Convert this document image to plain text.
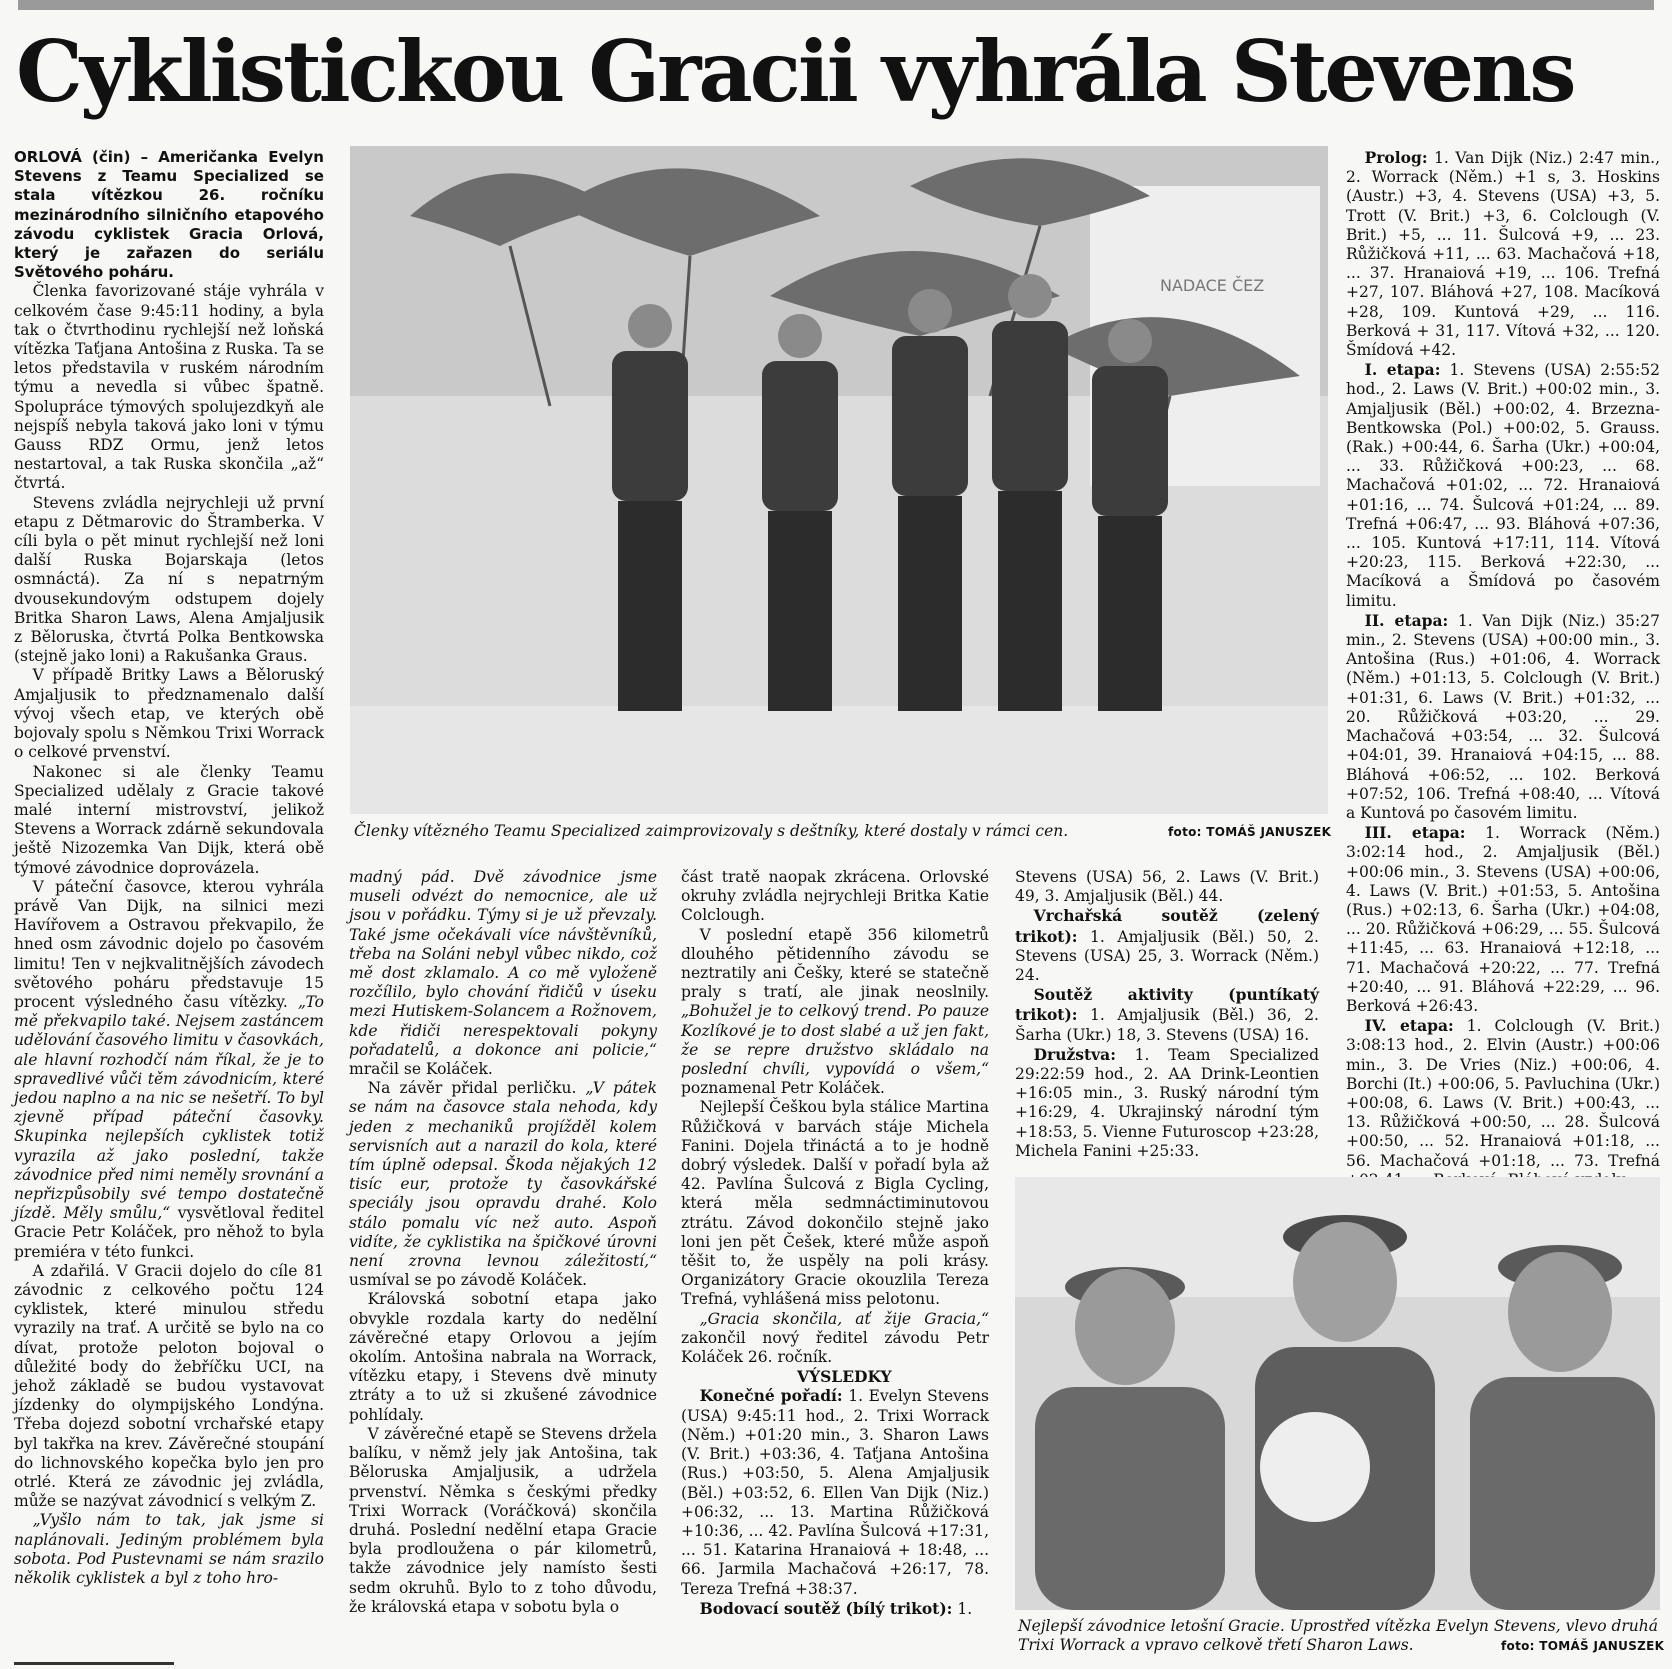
Cyklistickou Gracii vyhrála Stevens

ORLOVÁ (čin) – Američanka Evelyn Stevens z Teamu Specialized se stala vítězkou 26. ročníku mezinárodního silničního etapového závodu cyklistek Gracia Orlová, který je zařazen do seriálu Světového poháru.

Členka favorizované stáje vyhrála v celkovém čase 9:45:11 hodiny, a byla tak o čtvrthodinu rychlejší než loňská vítězka Taťjana Antošina z Ruska. Ta se letos představila v ruském národním týmu a nevedla si vůbec špatně. Spolupráce týmových spolujezdkyň ale nejspíš nebyla taková jako loni v týmu Gauss RDZ Ormu, jenž letos nestartoval, a tak Ruska skončila „až“ čtvrtá.

Stevens zvládla nejrychleji už první etapu z Dětmarovic do Štramberka. V cíli byla o pět minut rychlejší než loni další Ruska Bojarskaja (letos osmnáctá). Za ní s nepatrným dvousekundovým odstupem dojely Britka Sharon Laws, Alena Amjaljusik z Běloruska, čtvrtá Polka Bentkowska (stejně jako loni) a Rakušanka Graus.

V případě Britky Laws a Běloruský Amjaljusik to předznamenalo další vývoj všech etap, ve kterých obě bojovaly spolu s Němkou Trixi Worrack o celkové prvenství.

Nakonec si ale členky Teamu Specialized udělaly z Gracie takové malé interní mistrovství, jelikož Stevens a Worrack zdárně sekundovala ještě Nizozemka Van Dijk, která obě týmové závodnice doprovázela.

V páteční časovce, kterou vyhrála právě Van Dijk, na silnici mezi Havířovem a Ostravou překvapilo, že hned osm závodnic dojelo po časovém limitu! Ten v nejkvalitnějších závodech světového poháru představuje 15 procent výsledného času vítězky. „To mě překvapilo také. Nejsem zastáncem udělování časového limitu v časovkách, ale hlavní rozhodčí nám říkal, že je to spravedlivé vůči těm závodnicím, které jedou naplno a na nic se nešetří. To byl zjevně případ páteční časovky. Skupinka nejlepších cyklistek totiž vyrazila až jako poslední, takže závodnice před nimi neměly srovnání a nepřizpůsobily své tempo dostatečně jízdě. Měly smůlu,“ vysvětloval ředitel Gracie Petr Koláček, pro něhož to byla premiéra v této funkci.

A zdařilá. V Gracii dojelo do cíle 81 závodnic z celkového počtu 124 cyklistek, které minulou středu vyrazily na trať. A určitě se bylo na co dívat, protože peloton bojoval o důležité body do žebříčku UCI, na jehož základě se budou vystavovat jízdenky do olympijského Londýna. Třeba dojezd sobotní vrchařské etapy byl takřka na krev. Závěrečné stoupání do lichnovského kopečka bylo jen pro otrlé. Která ze závodnic jej zvládla, může se nazývat závodnicí s velkým Z.

„Vyšlo nám to tak, jak jsme si naplánovali. Jediným problémem byla sobota. Pod Pustevnami se nám srazilo několik cyklistek a byl z toho hro-

madný pád. Dvě závodnice jsme museli odvézt do nemocnice, ale už jsou v pořádku. Týmy si je už převzaly. Také jsme očekávali více návštěvníků, třeba na Soláni nebyl vůbec nikdo, což mě dost zklamalo. A co mě vyloženě rozčílilo, bylo chování řidičů v úseku mezi Hutiskem-Solancem a Rožnovem, kde řidiči nerespektovali pokyny pořadatelů, a dokonce ani policie,“ mračil se Koláček.

Na závěr přidal perličku. „V pátek se nám na časovce stala nehoda, kdy jeden z mechaniků projížděl kolem servisních aut a narazil do kola, které tím úplně odepsal. Škoda nějakých 12 tisíc eur, protože ty časovkářské speciály jsou opravdu drahé. Kolo stálo pomalu víc než auto. Aspoň vidíte, že cyklistika na špičkové úrovni není zrovna levnou záležitostí,“ usmíval se po závodě Koláček.

Královská sobotní etapa jako obvykle rozdala karty do nedělní závěrečné etapy Orlovou a jejím okolím. Antošina nabrala na Worrack, vítězku etapy, i Stevens dvě minuty ztráty a to už si zkušené závodnice pohlídaly.

V závěrečné etapě se Stevens držela balíku, v němž jely jak Antošina, tak Běloruska Amjaljusik, a udržela prvenství. Němka s českými předky Trixi Worrack (Voráčková) skončila druhá. Poslední nedělní etapa Gracie byla prodloužena o pár kilometrů, takže závodnice jely namísto šesti sedm okruhů. Bylo to z toho důvodu, že královská etapa v sobotu byla o

část tratě naopak zkrácena. Orlovské okruhy zvládla nejrychleji Britka Katie Colclough.

V poslední etapě 356 kilometrů dlouhého pětidenního závodu se neztratily ani Češky, které se statečně praly s tratí, ale jinak neoslnily. „Bohužel je to celkový trend. Po pauze Kozlíkové je to dost slabé a už jen fakt, že se repre družstvo skládalo na poslední chvíli, vypovídá o všem,“ poznamenal Petr Koláček.

Nejlepší Češkou byla stálice Martina Růžičková v barvách stáje Michela Fanini. Dojela třináctá a to je hodně dobrý výsledek. Další v pořadí byla až 42. Pavlína Šulcová z Bigla Cycling, která měla sedmnáctiminutovou ztrátu. Závod dokončilo stejně jako loni jen pět Češek, které může aspoň těšit to, že uspěly na poli krásy. Organizátory Gracie okouzlila Tereza Trefná, vyhlášená miss pelotonu.

„Gracia skončila, ať žije Gracia,“ zakončil nový ředitel závodu Petr Koláček 26. ročník.

VÝSLEDKY

Konečné pořadí: 1. Evelyn Stevens (USA) 9:45:11 hod., 2. Trixi Worrack (Něm.) +01:20 min., 3. Sharon Laws (V. Brit.) +03:36, 4. Taťjana Antošina (Rus.) +03:50, 5. Alena Amjaljusik (Běl.) +03:52, 6. Ellen Van Dijk (Niz.) +06:32, ... 13. Martina Růžičková +10:36, ... 42. Pavlína Šulcová +17:31, ... 51. Katarina Hranaiová + 18:48, ... 66. Jarmila Machačová +26:17, 78. Tereza Trefná +38:37.

Bodovací soutěž (bílý trikot): 1.

Stevens (USA) 56, 2. Laws (V. Brit.) 49, 3. Amjaljusik (Běl.) 44.

Vrchařská soutěž (zelený trikot): 1. Amjaljusik (Běl.) 50, 2. Stevens (USA) 25, 3. Worrack (Něm.) 24.

Soutěž aktivity (puntíkatý trikot): 1. Amjaljusik (Běl.) 36, 2. Šarha (Ukr.) 18, 3. Stevens (USA) 16.

Družstva: 1. Team Specialized 29:22:59 hod., 2. AA Drink-Leontien +16:05 min., 3. Ruský národní tým +16:29, 4. Ukrajinský národní tým +18:53, 5. Vienne Futuroscop +23:28, Michela Fanini +25:33.

Prolog: 1. Van Dijk (Niz.) 2:47 min., 2. Worrack (Něm.) +1 s, 3. Hoskins (Austr.) +3, 4. Stevens (USA) +3, 5. Trott (V. Brit.) +3, 6. Colclough (V. Brit.) +5, ... 11. Šulcová +9, ... 23. Růžičková +11, ... 63. Machačová +18, ... 37. Hranaiová +19, ... 106. Trefná +27, 107. Bláhová +27, 108. Macíková +28, 109. Kuntová +29, ... 116. Berková + 31, 117. Vítová +32, ... 120. Šmídová +42.

I. etapa: 1. Stevens (USA) 2:55:52 hod., 2. Laws (V. Brit.) +00:02 min., 3. Amjaljusik (Běl.) +00:02, 4. Brzezna-Bentkowska (Pol.) +00:02, 5. Grauss. (Rak.) +00:44, 6. Šarha (Ukr.) +00:04, ... 33. Růžičková +00:23, ... 68. Machačová +01:02, ... 72. Hranaiová +01:16, ... 74. Šulcová +01:24, ... 89. Trefná +06:47, ... 93. Bláhová +07:36, ... 105. Kuntová +17:11, 114. Vítová +20:23, 115. Berková +22:30, ... Macíková a Šmídová po časovém limitu.

II. etapa: 1. Van Dijk (Niz.) 35:27 min., 2. Stevens (USA) +00:00 min., 3. Antošina (Rus.) +01:06, 4. Worrack (Něm.) +01:13, 5. Colclough (V. Brit.) +01:31, 6. Laws (V. Brit.) +01:32, ... 20. Růžičková +03:20, ... 29. Machačová +03:54, ... 32. Šulcová +04:01, 39. Hranaiová +04:15, ... 88. Bláhová +06:52, ... 102. Berková +07:52, 106. Trefná +08:40, ... Vítová a Kuntová po časovém limitu.

III. etapa: 1. Worrack (Něm.) 3:02:14 hod., 2. Amjaljusik (Běl.) +00:06 min., 3. Stevens (USA) +00:06, 4. Laws (V. Brit.) +01:53, 5. Antošina (Rus.) +02:13, 6. Šarha (Ukr.) +04:08, ... 20. Růžičková +06:29, ... 55. Šulcová +11:45, ... 63. Hranaiová +12:18, ... 71. Machačová +20:22, ... 77. Trefná +20:40, ... 91. Bláhová +22:29, ... 96. Berková +26:43.

IV. etapa: 1. Colclough (V. Brit.) 3:08:13 hod., 2. Elvin (Austr.) +00:06 min., 3. De Vries (Niz.) +00:06, 4. Borchi (It.) +00:06, 5. Pavluchina (Ukr.) +00:08, 6. Laws (V. Brit.) +00:43, ... 13. Růžičková +00:50, ... 28. Šulcová +00:50, ... 52. Hranaiová +01:18, ... 56. Machačová +01:18, ... 73. Trefná

NADACE ČEZ
Členky vítězného Teamu Specialized zaimprovizovaly s deštníky, které dostaly v rámci cen.	foto: TOMÁŠ JANUSZEK
Nejlepší závodnice letošní Gracie. Uprostřed vítězka Evelyn Stevens, vlevo druhá Trixi Worrack a vpravo celkově třetí Sharon Laws.	foto: TOMÁŠ JANUSZEK
